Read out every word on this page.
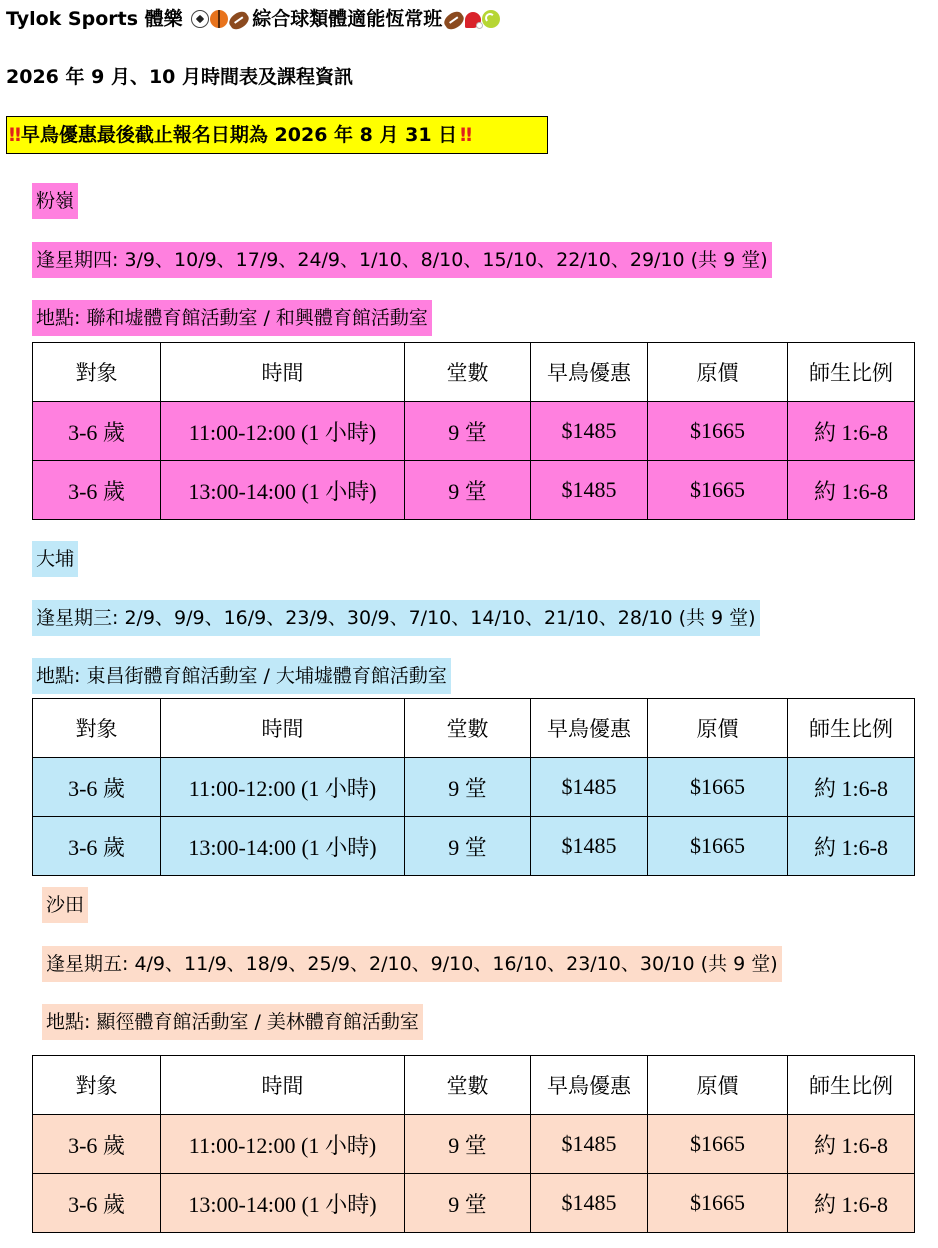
Tylok Sports 體樂	綜合球類體適能恆常班
2026 年 9 月、10 月時間表及課程資訊
‼ 早鳥優惠最後截止報名日期為 2026 年 8 月 31 日 ‼
粉嶺
逢星期四: 3/9、10/9、17/9、24/9、1/10、8/10、15/10、22/10、29/10 (共 9 堂)
地點: 聯和墟體育館活動室 / 和興體育館活動室
對象	時間	堂數	早鳥優惠	原價	師生比例
3-6 歲	11:00-12:00 (1 小時)	9 堂	$1485	$1665	約 1:6-8
3-6 歲	13:00-14:00 (1 小時)	9 堂	$1485	$1665	約 1:6-8
大埔
逢星期三: 2/9、9/9、16/9、23/9、30/9、7/10、14/10、21/10、28/10 (共 9 堂)
地點: 東昌街體育館活動室 / 大埔墟體育館活動室
對象	時間	堂數	早鳥優惠	原價	師生比例
3-6 歲	11:00-12:00 (1 小時)	9 堂	$1485	$1665	約 1:6-8
3-6 歲	13:00-14:00 (1 小時)	9 堂	$1485	$1665	約 1:6-8
沙田
逢星期五: 4/9、11/9、18/9、25/9、2/10、9/10、16/10、23/10、30/10 (共 9 堂)
地點: 顯徑體育館活動室 / 美林體育館活動室
對象	時間	堂數	早鳥優惠	原價	師生比例
3-6 歲	11:00-12:00 (1 小時)	9 堂	$1485	$1665	約 1:6-8
3-6 歲	13:00-14:00 (1 小時)	9 堂	$1485	$1665	約 1:6-8
